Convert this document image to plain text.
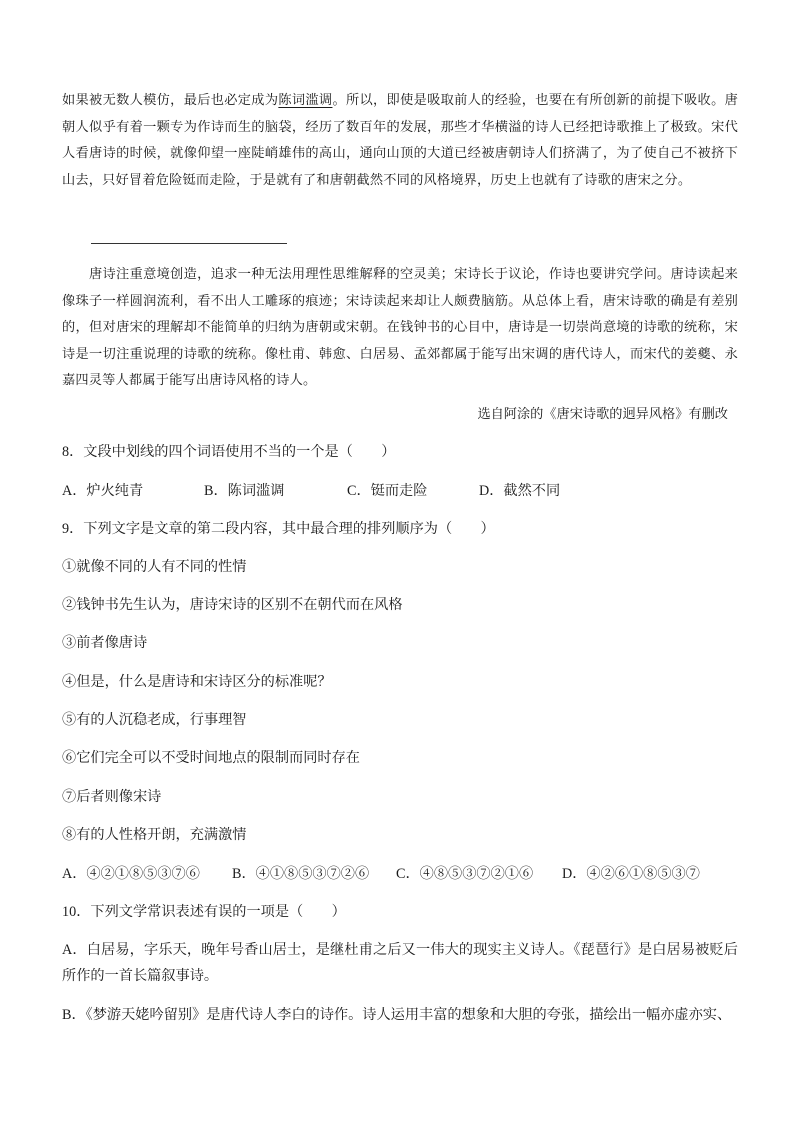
如果被无数人模仿，最后也必定成为陈词滥调。所以，即使是吸取前人的经验，也要在有所创新的前提下吸收。唐朝人似乎有着一颗专为作诗而生的脑袋，经历了数百年的发展，那些才华横溢的诗人已经把诗歌推上了极致。宋代人看唐诗的时候，就像仰望一座陡峭雄伟的高山，通向山顶的大道已经被唐朝诗人们挤满了，为了使自己不被挤下山去，只好冒着危险铤而走险，于是就有了和唐朝截然不同的风格境界，历史上也就有了诗歌的唐宋之分。

唐诗注重意境创造，追求一种无法用理性思维解释的空灵美；宋诗长于议论，作诗也要讲究学问。唐诗读起来像珠子一样圆润流利，看不出人工雕琢的痕迹；宋诗读起来却让人颇费脑筋。从总体上看，唐宋诗歌的确是有差别的，但对唐宋的理解却不能简单的归纳为唐朝或宋朝。在钱钟书的心目中，唐诗是一切崇尚意境的诗歌的统称，宋诗是一切注重说理的诗歌的统称。像杜甫、韩愈、白居易、孟郊都属于能写出宋调的唐代诗人，而宋代的姜夔、永嘉四灵等人都属于能写出唐诗风格的诗人。

选自阿涂的《唐宋诗歌的迥异风格》有删改

8．文段中划线的四个词语使用不当的一个是（　　）

A．炉火纯青	B．陈词滥调	C．铤而走险	D．截然不同

9．下列文字是文章的第二段内容，其中最合理的排列顺序为（　　）

①就像不同的人有不同的性情

②钱钟书先生认为，唐诗宋诗的区别不在朝代而在风格

③前者像唐诗

④但是，什么是唐诗和宋诗区分的标准呢？

⑤有的人沉稳老成，行事理智

⑥它们完全可以不受时间地点的限制而同时存在

⑦后者则像宋诗

⑧有的人性格开朗，充满激情

A．④②①⑧⑤③⑦⑥ B．④①⑧⑤③⑦②⑥ C．④⑧⑤③⑦②①⑥ D．④②⑥①⑧⑤③⑦

10．下列文学常识表述有误的一项是（　　）

A．白居易，字乐天，晚年号香山居士，是继杜甫之后又一伟大的现实主义诗人。《琵琶行》是白居易被贬后所作的一首长篇叙事诗。

B．《梦游天姥吟留别》是唐代诗人李白的诗作。诗人运用丰富的想象和大胆的夸张，描绘出一幅亦虚亦实、
